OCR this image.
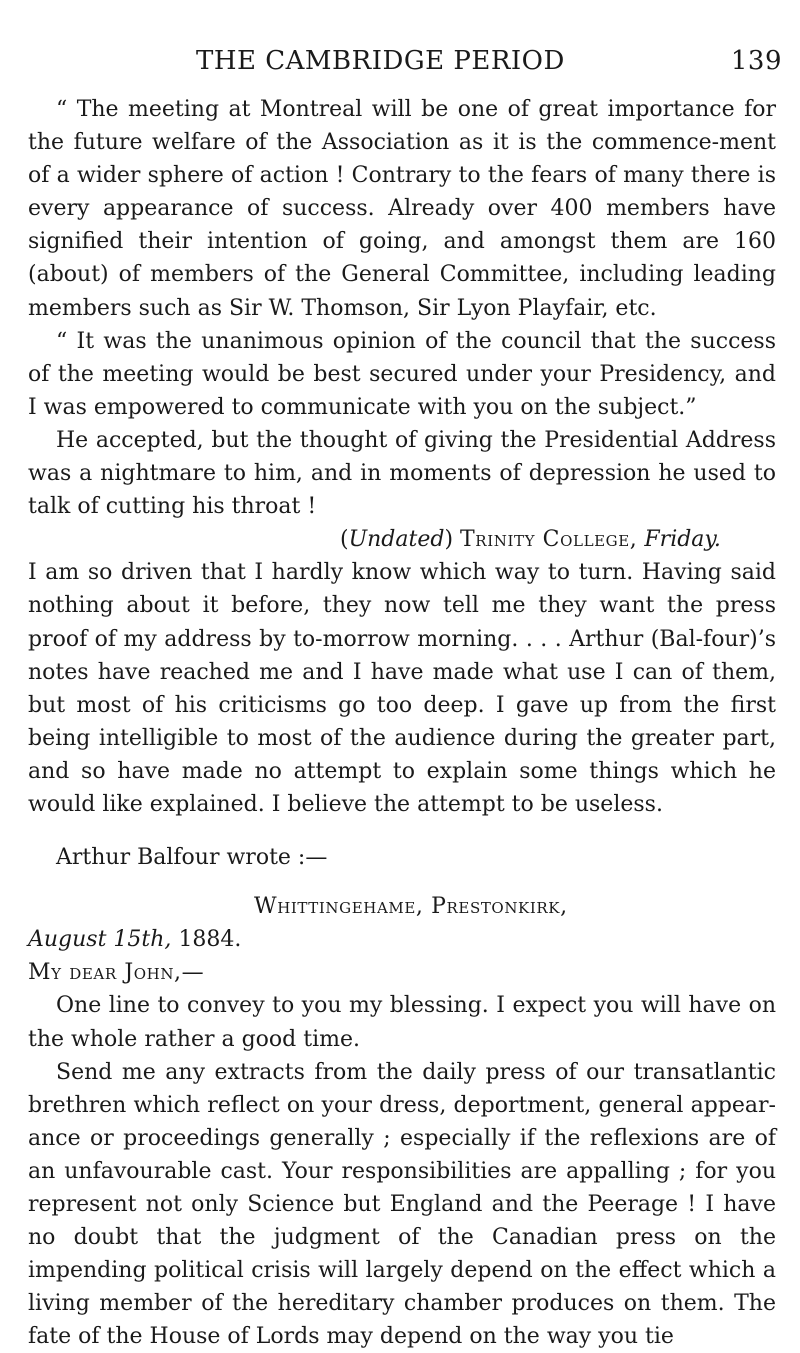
THE CAMBRIDGE PERIOD	139

“ The meeting at Montreal will be one of great importance for the future welfare of the Association as it is the commence-ment of a wider sphere of action ! Contrary to the fears of many there is every appearance of success. Already over 400 members have signified their intention of going, and amongst them are 160 (about) of members of the General Committee, including leading members such as Sir W. Thomson, Sir Lyon Playfair, etc.

“ It was the unanimous opinion of the council that the success of the meeting would be best secured under your Presidency, and I was empowered to communicate with you on the subject.”

He accepted, but the thought of giving the Presidential Address was a nightmare to him, and in moments of depression he used to talk of cutting his throat !

(Undated) Trinity College, Friday.

I am so driven that I hardly know which way to turn. Having said nothing about it before, they now tell me they want the press proof of my address by to-morrow morning. . . . Arthur (Bal-four)’s notes have reached me and I have made what use I can of them, but most of his criticisms go too deep. I gave up from the first being intelligible to most of the audience during the greater part, and so have made no attempt to explain some things which he would like explained. I believe the attempt to be useless.

Arthur Balfour wrote :—

Whittingehame, Prestonkirk,

August 15th, 1884.

My dear John,—

One line to convey to you my blessing. I expect you will have on the whole rather a good time.

Send me any extracts from the daily press of our transatlantic brethren which reflect on your dress, deportment, general appear-ance or proceedings generally ; especially if the reflexions are of an unfavourable cast. Your responsibilities are appalling ; for you represent not only Science but England and the Peerage ! I have no doubt that the judgment of the Canadian press on the impending political crisis will largely depend on the effect which a living member of the hereditary chamber produces on them. The fate of the House of Lords may depend on the way you tie
